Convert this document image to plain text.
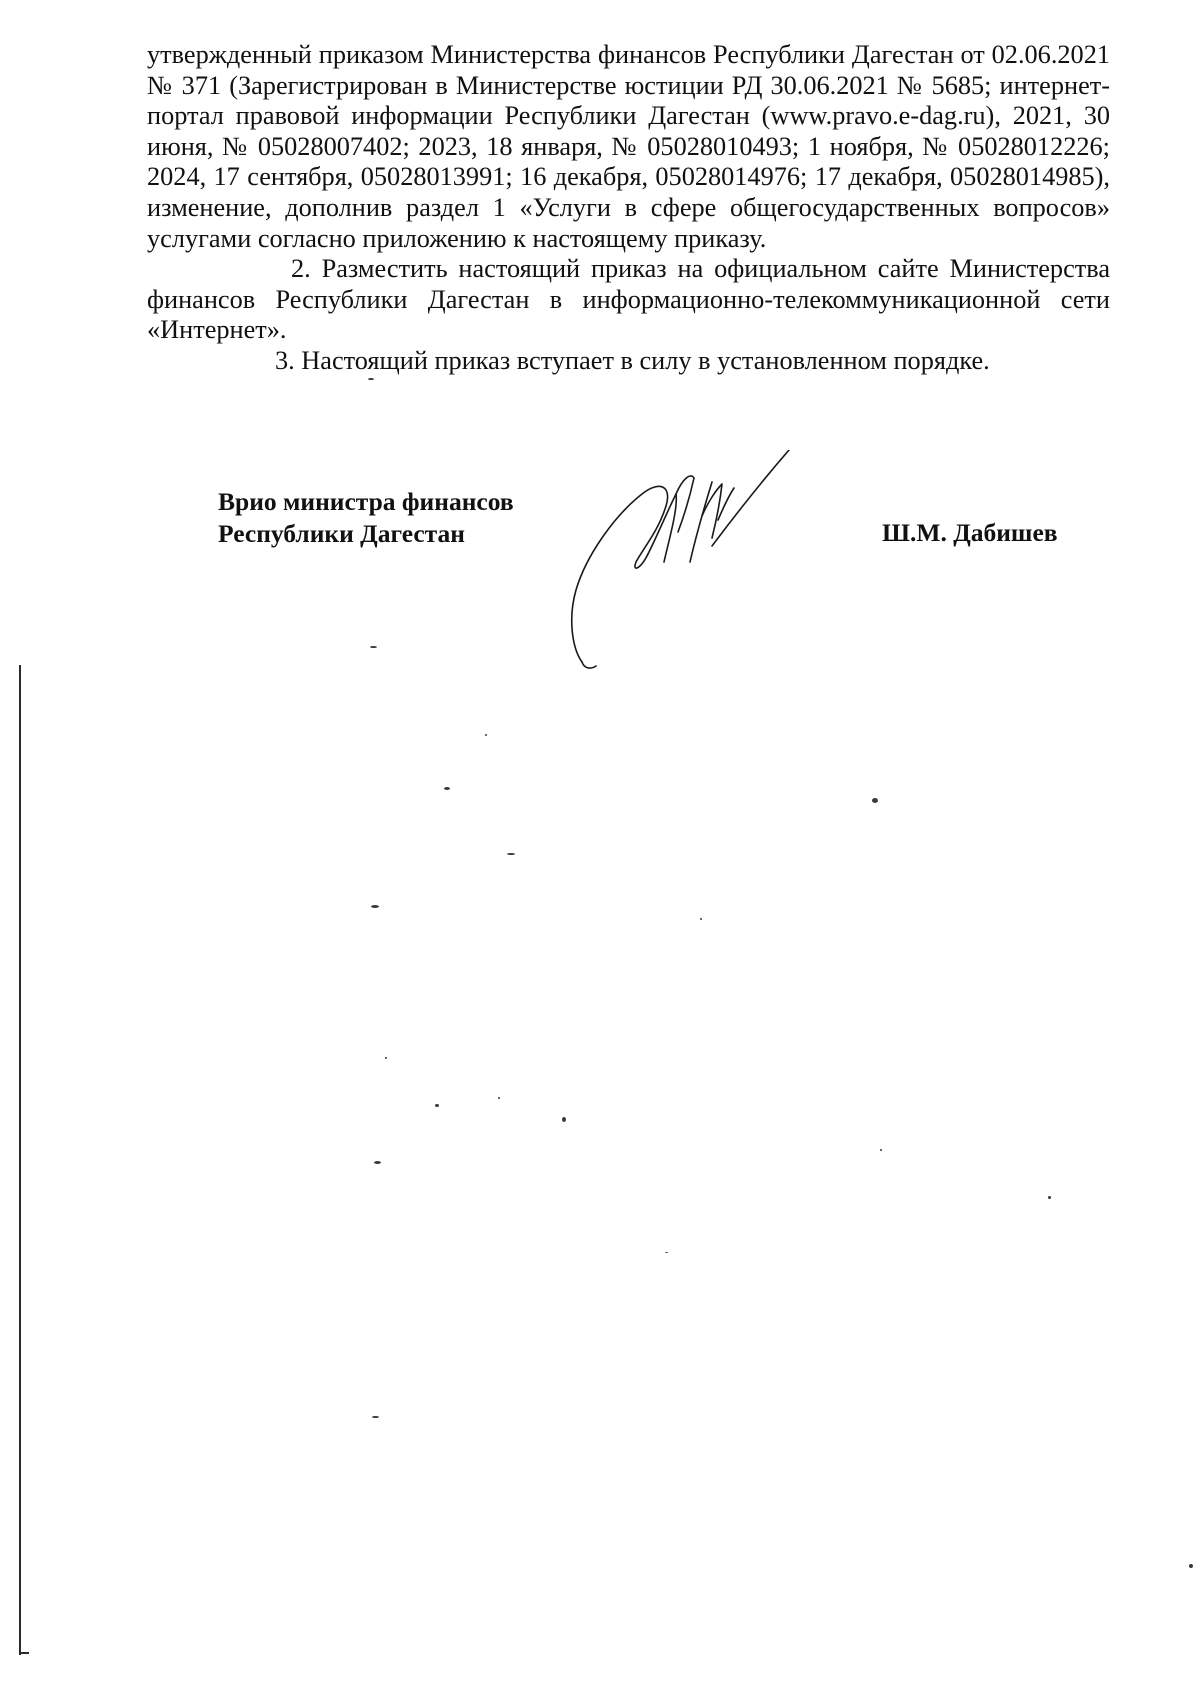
утвержденный приказом Министерства финансов Республики Дагестан от 02.06.2021 № 371 (Зарегистрирован в Министерстве юстиции РД 30.06.2021 № 5685; интернет-портал правовой информации Республики Дагестан (www.pravo.e-dag.ru), 2021, 30 июня, № 05028007402; 2023, 18 января, № 05028010493; 1 ноября, № 05028012226; 2024, 17 сентября, 05028013991; 16 декабря, 05028014976; 17 декабря, 05028014985), изменение, дополнив раздел 1 «Услуги в сфере общегосударственных вопросов» услугами согласно приложению к настоящему приказу.

2. Разместить настоящий приказ на официальном сайте Министерства финансов Республики Дагестан в информационно-телекоммуникационной сети «Интернет».

3. Настоящий приказ вступает в силу в установленном порядке.

Врио министра финансов
Республики Дагестан	Ш.М. Дабишев
